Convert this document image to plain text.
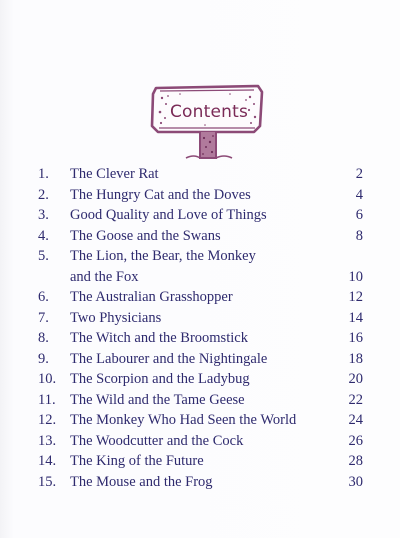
Contents
1.	The Clever Rat	2
2.	The Hungry Cat and the Doves	4
3.	Good Quality and Love of Things	6
4.	The Goose and the Swans	8
5.	The Lion, the Bear, the Monkey
and the Fox	10
6.	The Australian Grasshopper	12
7.	Two Physicians	14
8.	The Witch and the Broomstick	16
9.	The Labourer and the Nightingale	18
10. The Scorpion and the Ladybug	20
11. The Wild and the Tame Geese	22
12. The Monkey Who Had Seen the World	24
13. The Woodcutter and the Cock	26
14. The King of the Future	28
15. The Mouse and the Frog	30
